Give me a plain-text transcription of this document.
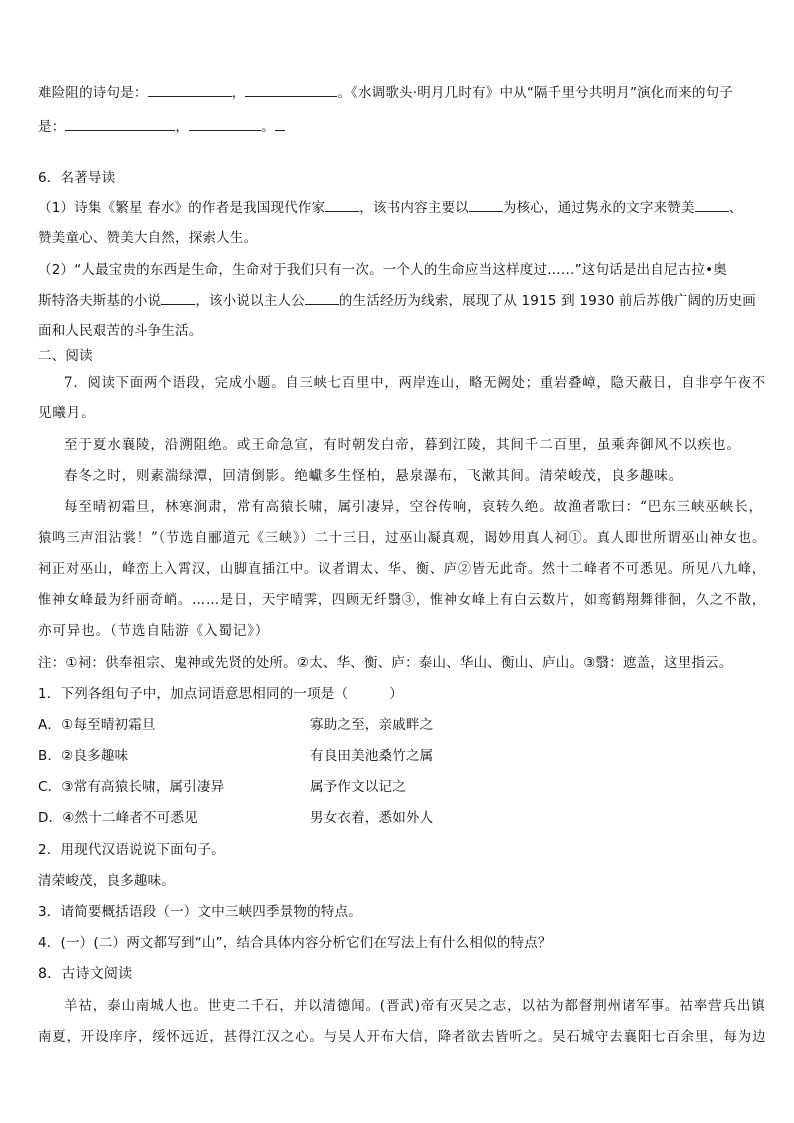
难险阻的诗句是：	，	。《水调歌头·明月几时有》中从“隔千里兮共明月”演化而来的句子
是：	，	。
6．名著导读
（1）诗集《繁星 春水》的作者是我国现代作家	，该书内容主要以	为核心，通过隽永的文字来赞美	、
赞美童心、赞美大自然，探索人生。
（2）“人最宝贵的东西是生命，生命对于我们只有一次。一个人的生命应当这样度过……”这句话是出自尼古拉•奥
斯特洛夫斯基的小说	，该小说以主人公	的生活经历为线索，展现了从 1915 到 1930 前后苏俄广阔的历史画
面和人民艰苦的斗争生活。
二、阅读
7．阅读下面两个语段，完成小题。自三峡七百里中，两岸连山，略无阙处；重岩叠嶂，隐天蔽日，自非亭午夜不
见曦月。
至于夏水襄陵，沿溯阻绝。或王命急宣，有时朝发白帝，暮到江陵，其间千二百里，虽乘奔御风不以疾也。
春冬之时，则素湍绿潭，回清倒影。绝巘多生怪柏，悬泉瀑布，飞漱其间。清荣峻茂，良多趣味。
每至晴初霜旦，林寒涧肃，常有高猿长啸，属引凄异，空谷传响，哀转久绝。故渔者歌曰：“巴东三峡巫峡长，
猿鸣三声泪沾裳！”（节选自郦道元《三峡》）二十三日，过巫山凝真观，谒妙用真人祠①。真人即世所谓巫山神女也。
祠正对巫山，峰峦上入霄汉，山脚直插江中。议者谓太、华、衡、庐②皆无此奇。然十二峰者不可悉见。所见八九峰，
惟神女峰最为纤丽奇峭。……是日，天宇晴霁，四顾无纤翳③，惟神女峰上有白云数片，如鸾鹤翔舞徘徊，久之不散，
亦可异也。（节选自陆游《入蜀记》）
注：①祠：供奉祖宗、鬼神或先贤的处所。②太、华、衡、庐：泰山、华山、衡山、庐山。③翳：遮盖，这里指云。
1．下列各组句子中，加点词语意思相同的一项是（　　　）
A．①每至晴初霜旦	寡助之至，亲戚畔之
B．②良多趣味	有良田美池桑竹之属
C．③常有高猿长啸，属引凄异	属予作文以记之
D．④然十二峰者不可悉见	男女衣着，悉如外人
2．用现代汉语说说下面句子。
清荣峻茂，良多趣味。
3．请简要概括语段（一）文中三峡四季景物的特点。
4．(一）(二）两文都写到“山”，结合具体内容分析它们在写法上有什么相似的特点？
8．古诗文阅读
羊祜，泰山南城人也。世吏二千石，并以清德闻。(晋武)帝有灭吴之志，以祜为都督荆州诸军事。祜率营兵出镇
南夏，开设庠序，绥怀远近，甚得江汉之心。与吴人开布大信，降者欲去皆听之。吴石城守去襄阳七百余里，每为边
